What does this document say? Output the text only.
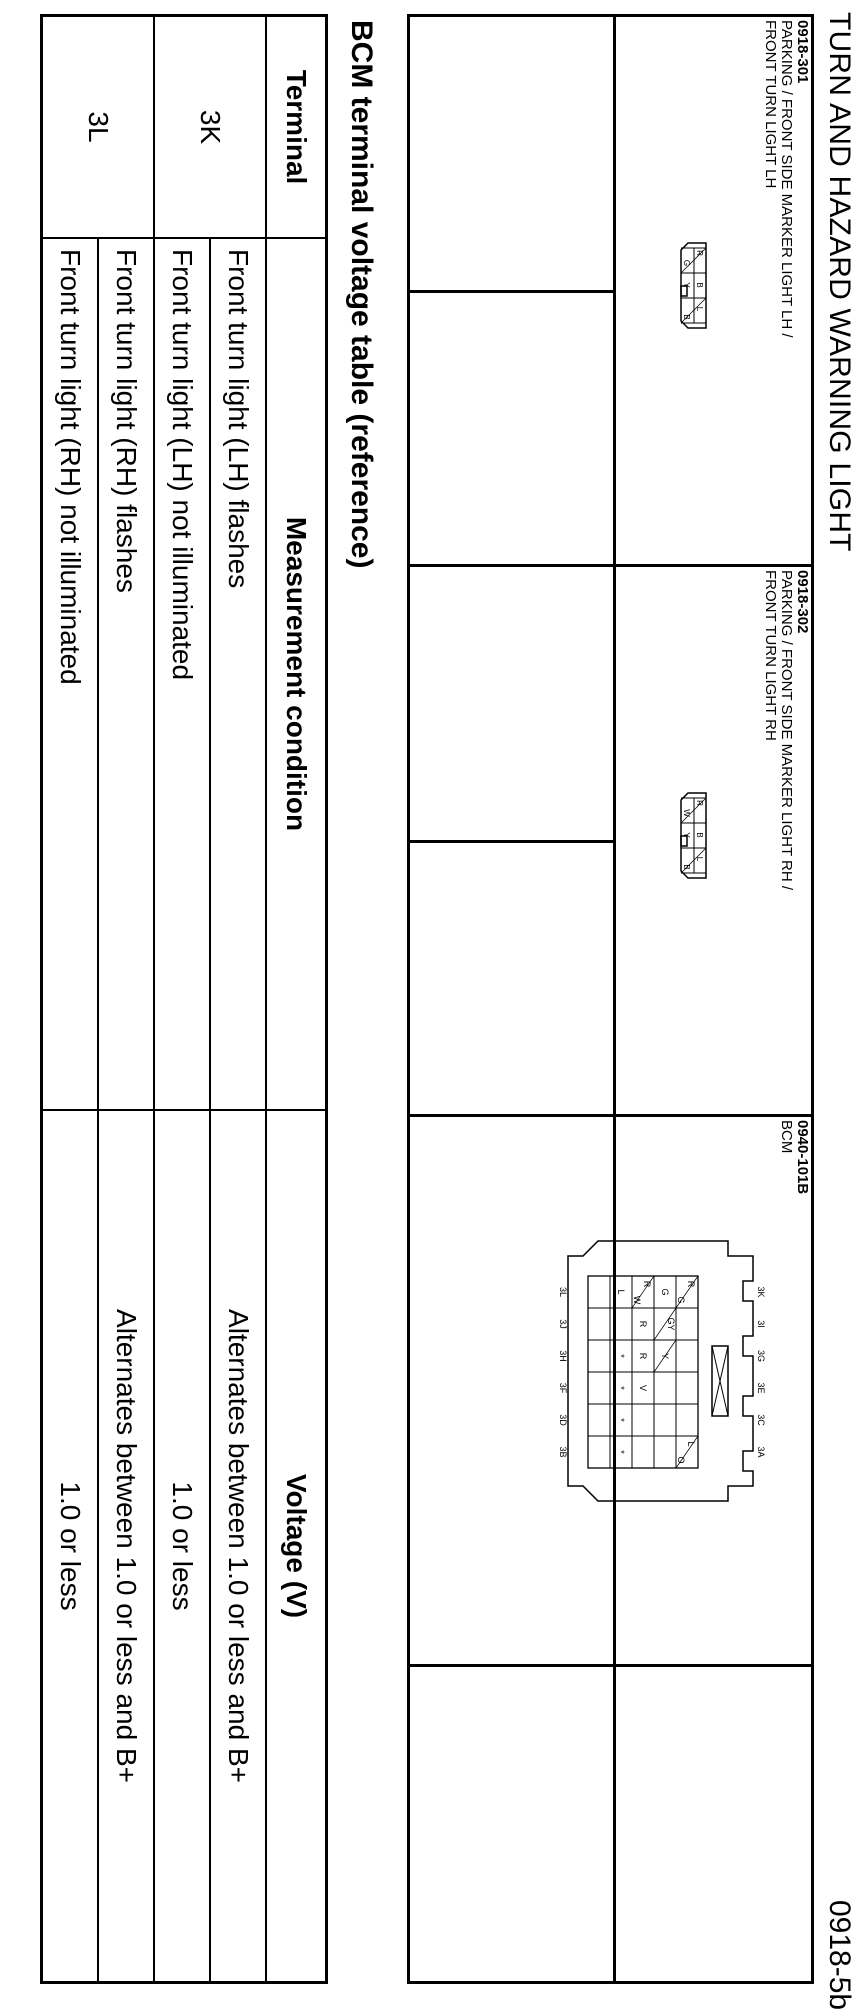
TURN AND HAZARD WARNING LIGHT
0918-5b
0918-301
PARKING / FRONT SIDE MARKER LIGHT LH /
FRONT TURN LIGHT LH
R
B
L
G
Y
B
0918-302
PARKING / FRONT SIDE MARKER LIGHT RH /
FRONT TURN LIGHT RH
R
B
L
W
Y
B
0940-101B
BCM
3K
3I
3G
3E
3C
3A
3L
3J
3H
3F
3D
3B
R
G
G
GY
Y
R
W
R
R
V
L
O
L
*
*
*
*
BCM terminal voltage table (reference)
Terminal	Measurement condition	Voltage (V)
3K	Front turn light (LH) flashes	Alternates between 1.0 or less and B+
	Front turn light (LH) not illuminated	1.0 or less
3L	Front turn light (RH) flashes	Alternates between 1.0 or less and B+
	Front turn light (RH) not illuminated	1.0 or less
